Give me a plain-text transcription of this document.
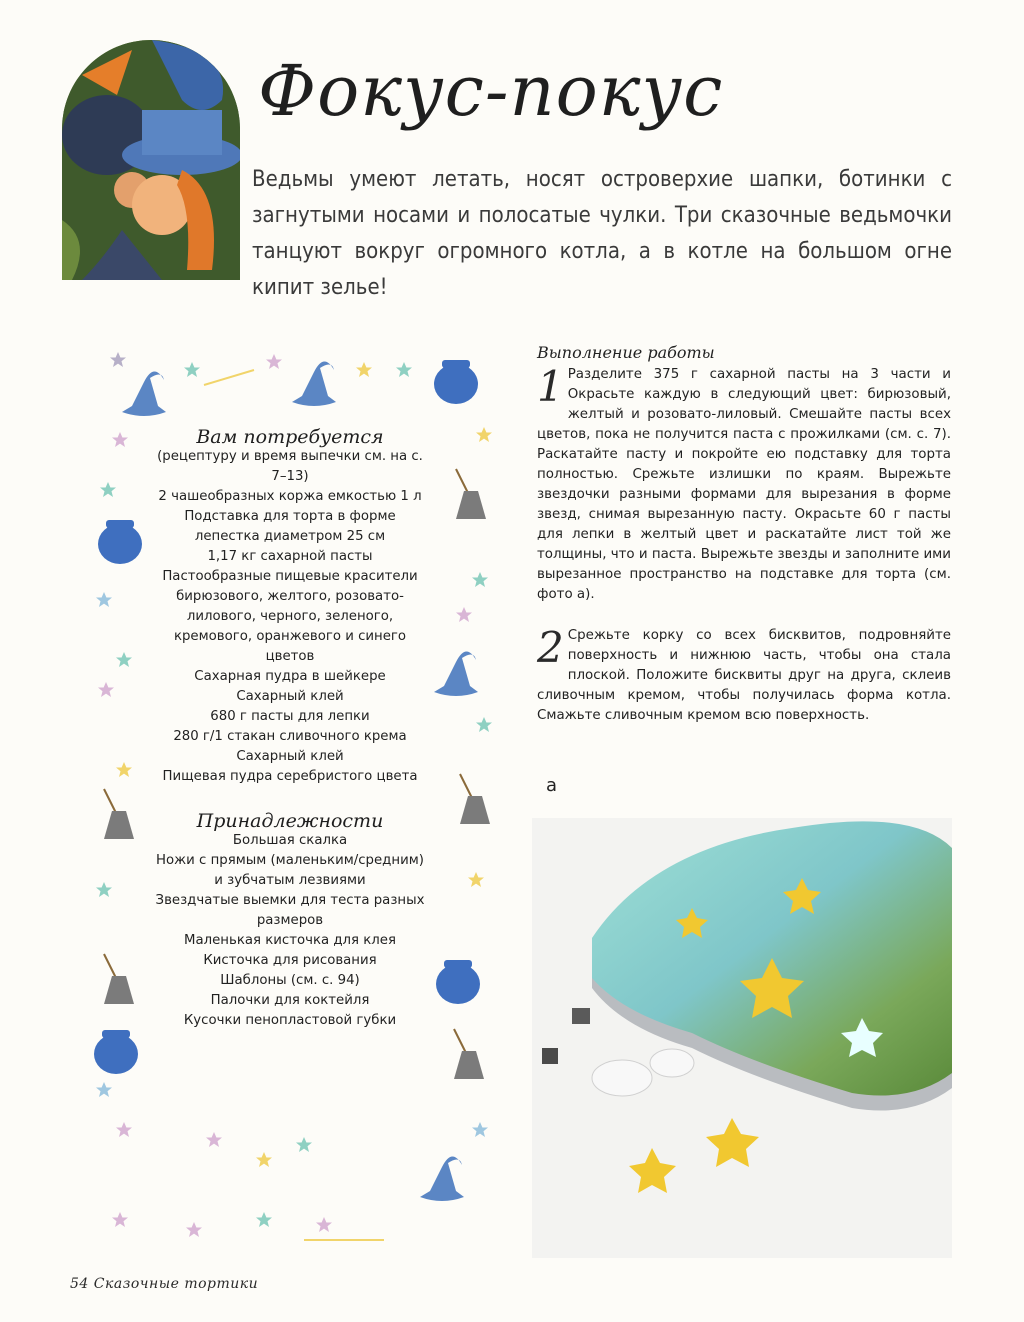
Фокус-покус

Ведьмы умеют летать, носят островерхие шапки, ботинки с загнутыми носами и полосатые чулки. Три сказочные ведьмочки танцуют вокруг огромного котла, а в котле на большом огне кипит зелье!

Вам потребуется
(рецептуру и время выпечки см. на с. 7–13)
2 чашеобразных коржа емкостью 1 л
Подставка для торта в форме лепестка диаметром 25 см
1,17 кг сахарной пасты
Пастообразные пищевые красители бирюзового, желтого, розовато-лилового, черного, зеленого, кремового, оранжевого и синего цветов
Сахарная пудра в шейкере
Сахарный клей
680 г пасты для лепки
280 г/1 стакан сливочного крема
Сахарный клей
Пищевая пудра серебристого цвета
Принадлежности
Большая скалка
Ножи с прямым (маленьким/средним) и зубчатым лезвиями
Звездчатые выемки для теста разных размеров
Маленькая кисточка для клея
Кисточка для рисования
Шаблоны (см. с. 94)
Палочки для коктейля
Кусочки пенопластовой губки
Выполнение работы
1 Разделите 375 г сахарной пасты на 3 части и Окрасьте каждую в следующий цвет: бирюзовый, желтый и розовато-лиловый. Смешайте пасты всех цветов, пока не получится паста с прожилками (см. с. 7). Раскатайте пасту и покройте ею подставку для торта полностью. Срежьте излишки по краям. Вырежьте звездочки разными формами для вырезания в форме звезд, снимая вырезанную пасту. Окрасьте 60 г пасты для лепки в желтый цвет и раскатайте лист той же толщины, что и паста. Вырежьте звезды и заполните ими вырезанное пространство на подставке для торта (см. фото а).
2 Срежьте корку со всех бисквитов, подровняйте поверхность и нижнюю часть, чтобы она стала плоской. Положите бисквиты друг на друга, склеив сливочным кремом, чтобы получилась форма котла. Смажьте сливочным кремом всю поверхность.
а
54 Сказочные тортики
